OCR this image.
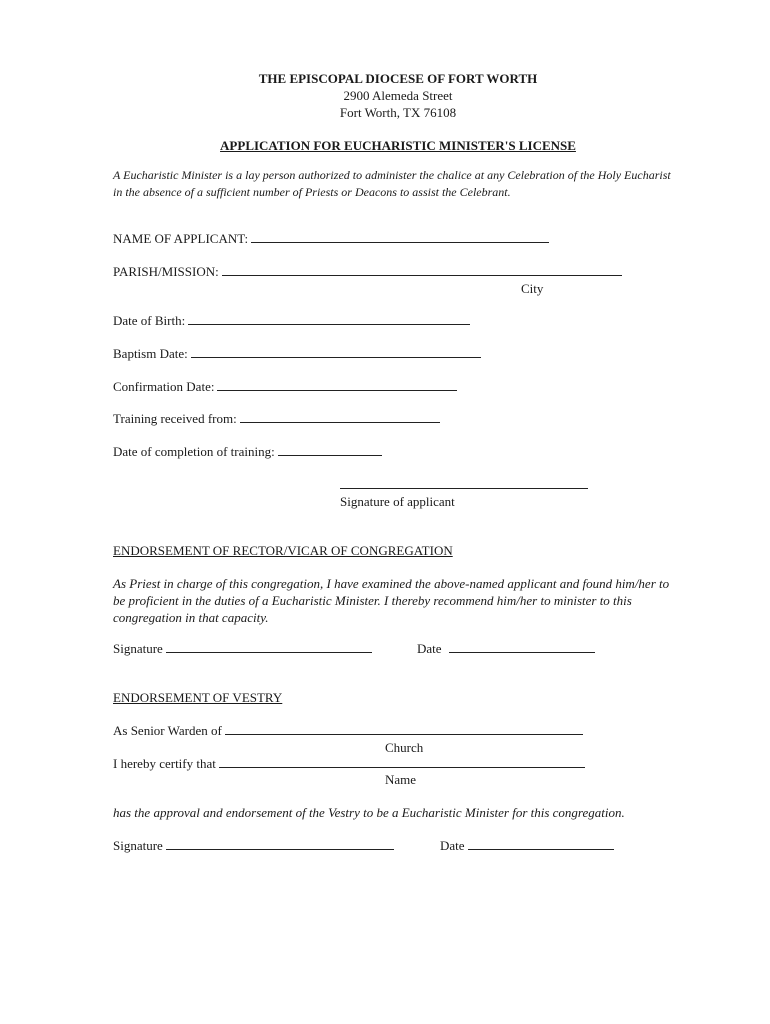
THE EPISCOPAL DIOCESE OF FORT WORTH
2900 Alemeda Street
Fort Worth, TX 76108
APPLICATION FOR EUCHARISTIC MINISTER'S LICENSE
A Eucharistic Minister is a lay person authorized to administer the chalice at any Celebration of the Holy Eucharist in the absence of a sufficient number of Priests or Deacons to assist the Celebrant.
NAME OF APPLICANT:
PARISH/MISSION:
City
Date of Birth:
Baptism Date:
Confirmation Date:
Training received from:
Date of completion of training:
Signature of applicant
ENDORSEMENT OF RECTOR/VICAR OF CONGREGATION
As Priest in charge of this congregation, I have examined the above-named applicant and found him/her to be proficient in the duties of a Eucharistic Minister. I thereby recommend him/her to minister to this congregation in that capacity.
Signature	Date
ENDORSEMENT OF VESTRY
As Senior Warden of
Church
I hereby certify that
Name
has the approval and endorsement of the Vestry to be a Eucharistic Minister for this congregation.
Signature	Date
